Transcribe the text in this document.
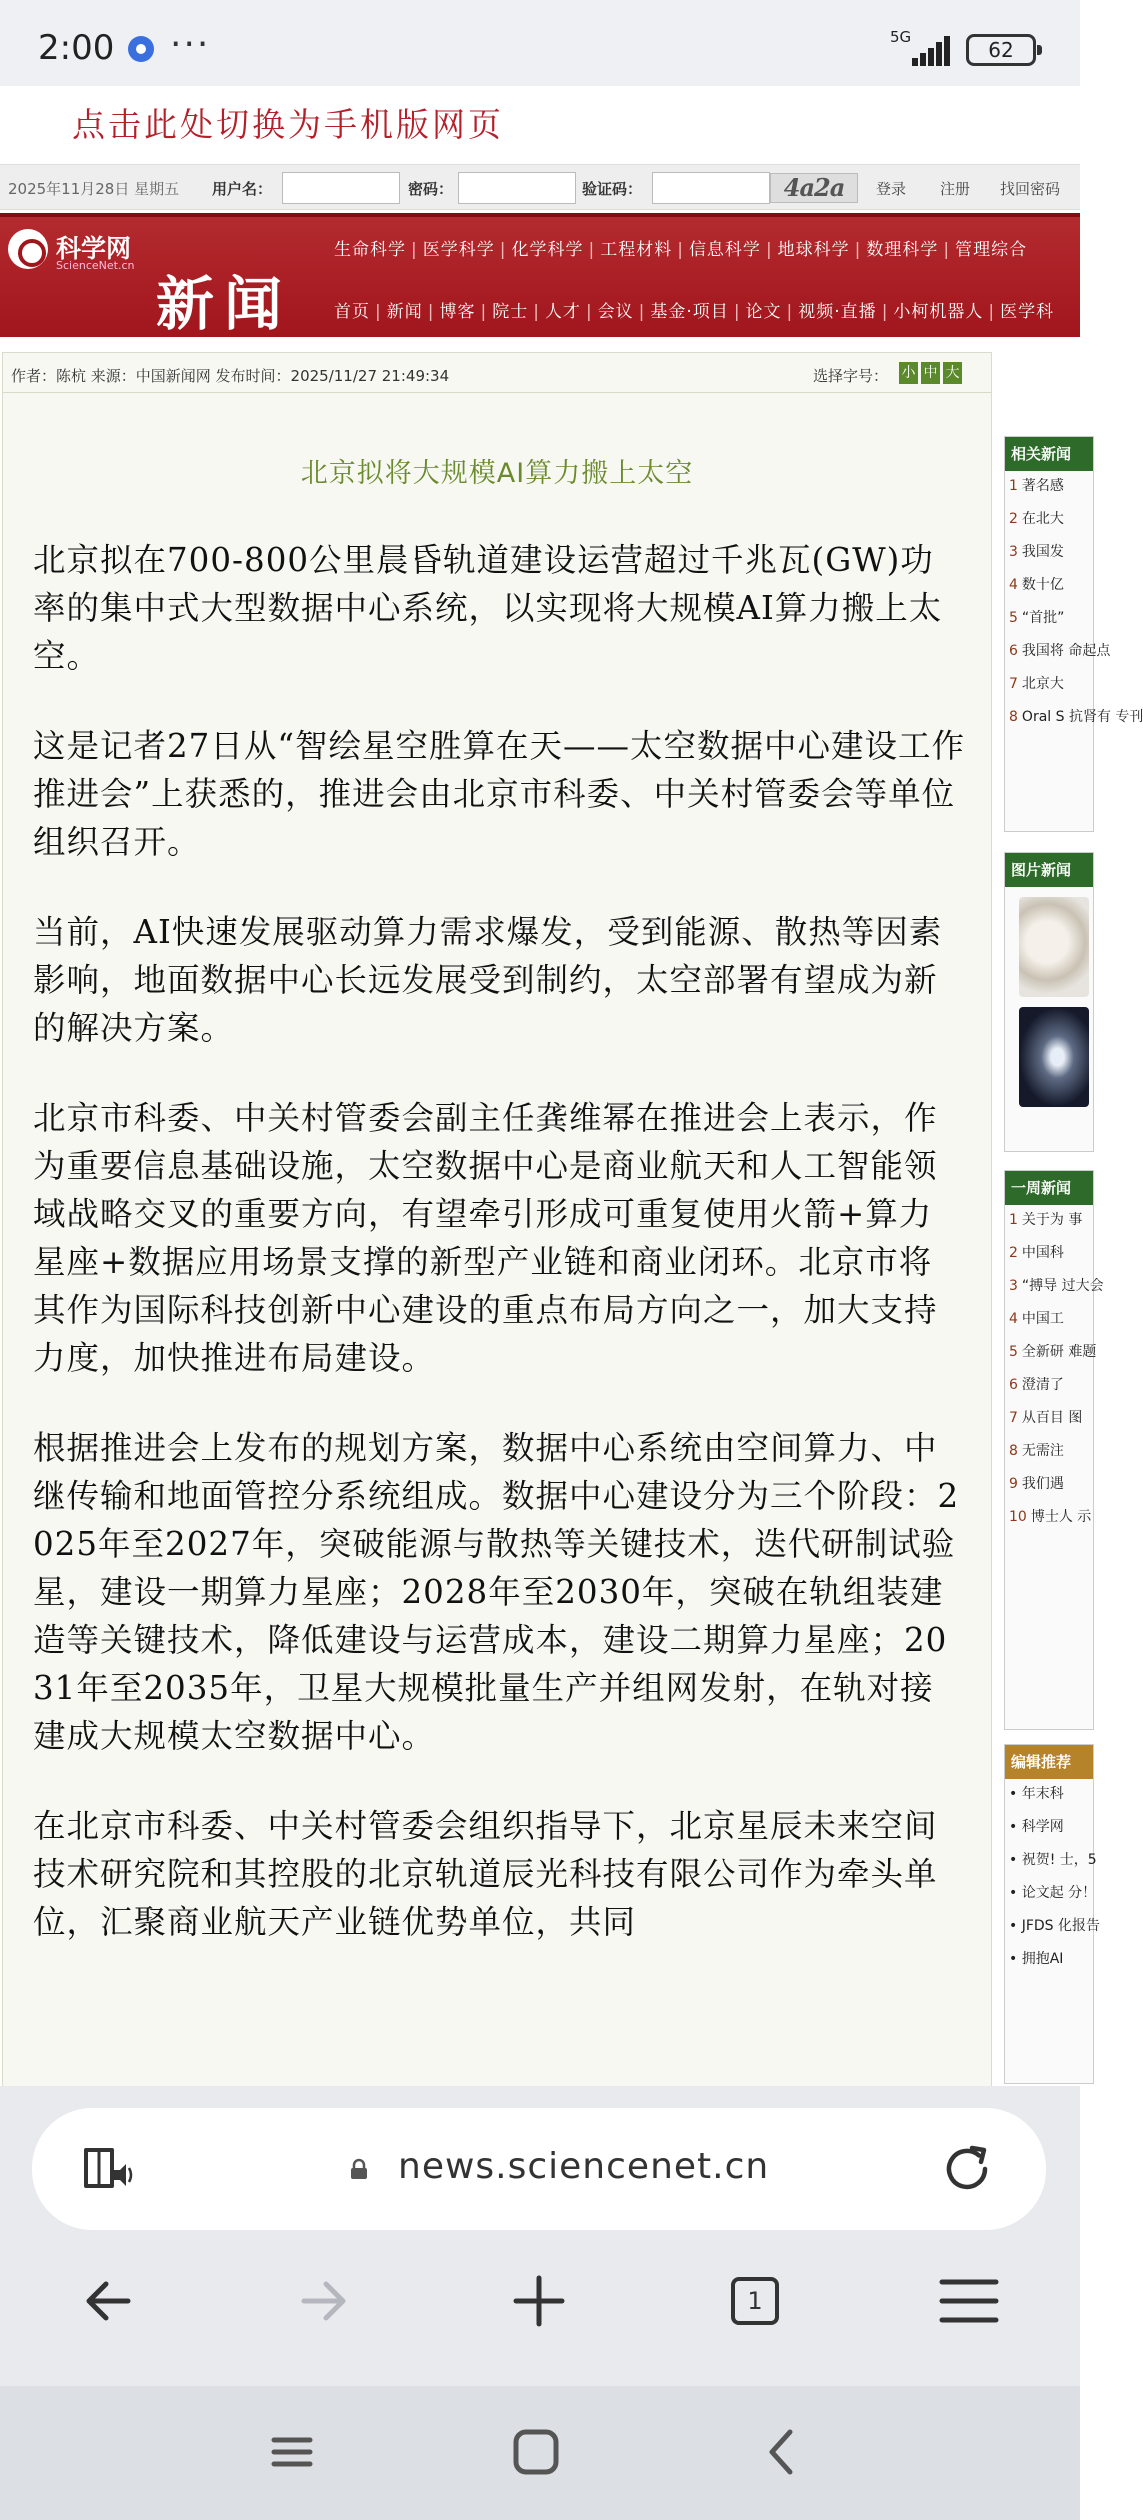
2:00 ···	5G
62
点击此处切换为手机版网页
2025年11月28日 星期五 用户名：	密码：	验证码：	4a2a	登录 注册 找回密码
科学网
ScienceNet.cn
新闻
生命科学 | 医学科学 | 化学科学 | 工程材料 | 信息科学 | 地球科学 | 数理科学 | 管理综合
首页 | 新闻 | 博客 | 院士 | 人才 | 会议 | 基金·项目 | 论文 | 视频·直播 | 小柯机器人 | 医学科
作者：陈杭 来源：中国新闻网 发布时间：2025/11/27 21:49:34	选择字号： 小 中 大
北京拟将大规模AI算力搬上太空

北京拟在700-800公里晨昏轨道建设运营超过千兆瓦(GW)功率的集中式大型数据中心系统，以实现将大规模AI算力搬上太空。

这是记者27日从“智绘星空胜算在天——太空数据中心建设工作推进会”上获悉的，推进会由北京市科委、中关村管委会等单位组织召开。

当前，AI快速发展驱动算力需求爆发，受到能源、散热等因素影响，地面数据中心长远发展受到制约，太空部署有望成为新的解决方案。

北京市科委、中关村管委会副主任龚维幂在推进会上表示，作为重要信息基础设施，太空数据中心是商业航天和人工智能领域战略交叉的重要方向，有望牵引形成可重复使用火箭+算力星座+数据应用场景支撑的新型产业链和商业闭环。北京市将其作为国际科技创新中心建设的重点布局方向之一，加大支持力度，加快推进布局建设。

根据推进会上发布的规划方案，数据中心系统由空间算力、中继传输和地面管控分系统组成。数据中心建设分为三个阶段：2025年至2027年，突破能源与散热等关键技术，迭代研制试验星，建设一期算力星座；2028年至2030年，突破在轨组装建造等关键技术，降低建设与运营成本，建设二期算力星座；2031年至2035年，卫星大规模批量生产并组网发射，在轨对接建成大规模太空数据中心。

在北京市科委、中关村管委会组织指导下，北京星辰未来空间技术研究院和其控股的北京轨道辰光科技有限公司作为牵头单位，汇聚商业航天产业链优势单位，共同

相关新闻
1 著名感
2 在北大
3 我国发
4 数十亿
5 “首批”
6 我国将 命起点
7 北京大
8 Oral S 抗肾有 专刊
图片新闻
一周新闻
1 关于为 事
2 中国科
3 “搏导 过大会
4 中国工
5 全新研 难题
6 澄清了
7 从百目 图
8 无需注
9 我们遇
10 博士人 示
编辑推荐
• 年末科
• 科学网
• 祝贺! 士，5
• 论文起 分！
• JFDS 化报告
• 拥抱AI
news.sciencenet.cn
1
